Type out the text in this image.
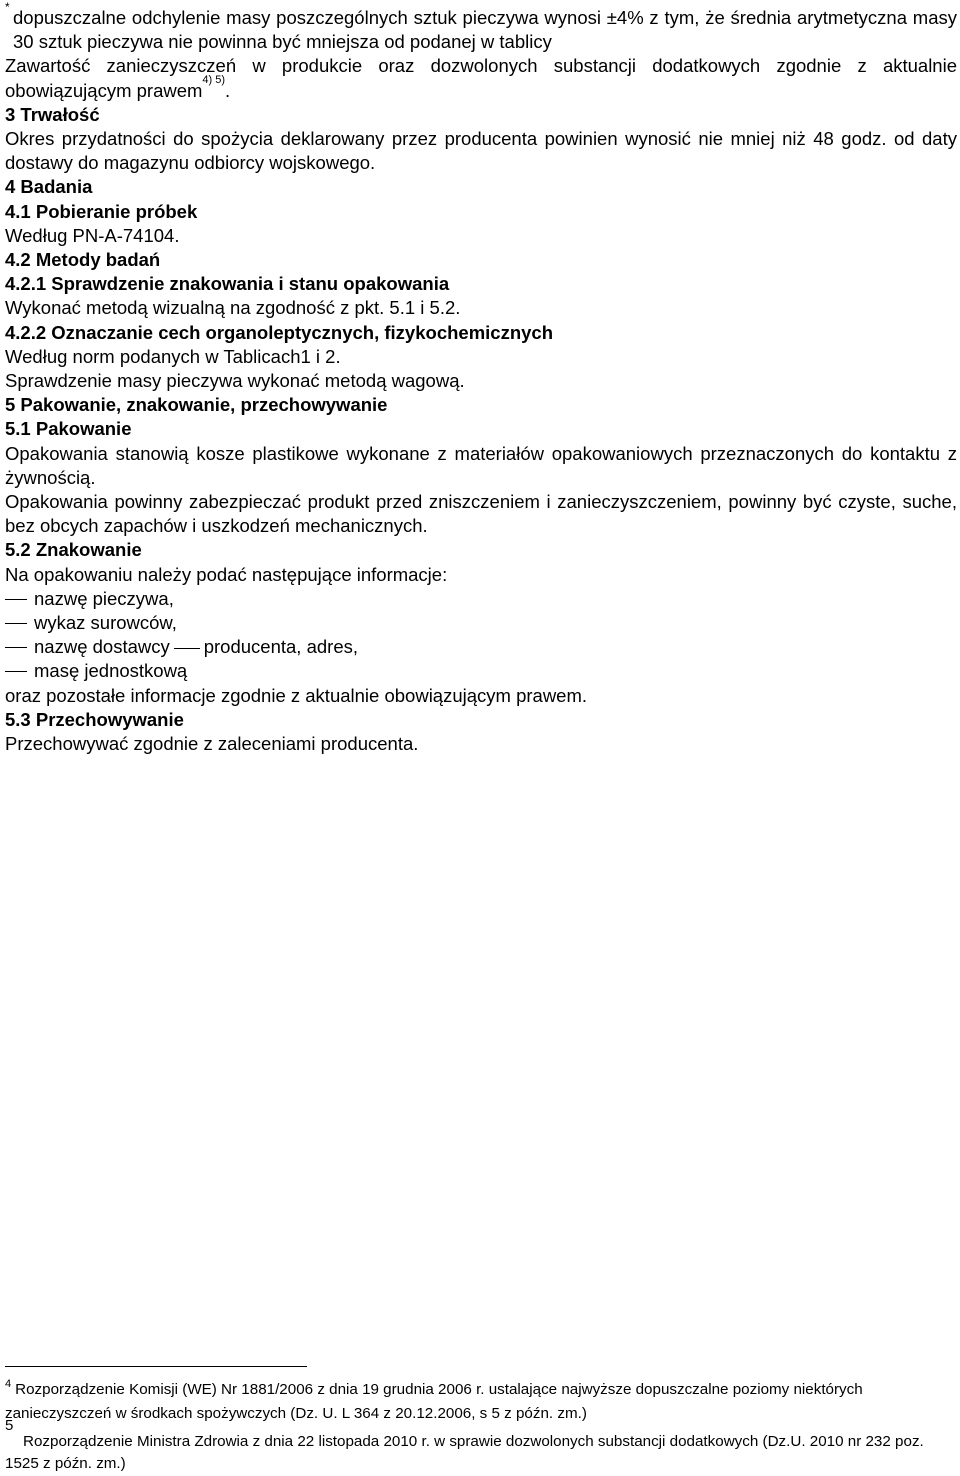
* dopuszczalne odchylenie masy poszczególnych sztuk pieczywa wynosi ±4% z tym, że średnia arytmetyczna masy 30 sztuk pieczywa nie powinna być mniejsza od podanej w tablicy

Zawartość zanieczyszczeń w produkcie oraz dozwolonych substancji dodatkowych zgodnie z aktualnie obowiązującym prawem$^{4) 5)}$.

3 Trwałość

Okres przydatności do spożycia deklarowany przez producenta powinien wynosić nie mniej niż 48 godz. od daty dostawy do magazynu odbiorcy wojskowego.

4 Badania

4.1 Pobieranie próbek

Według PN-A-74104.

4.2 Metody badań

4.2.1 Sprawdzenie znakowania i stanu opakowania

Wykonać metodą wizualną na zgodność z pkt. 5.1 i 5.2.

4.2.2 Oznaczanie cech organoleptycznych, fizykochemicznych

Według norm podanych w Tablicach1 i 2.

Sprawdzenie masy pieczywa wykonać metodą wagową.

5 Pakowanie, znakowanie, przechowywanie

5.1 Pakowanie

Opakowania stanowią kosze plastikowe wykonane z materiałów opakowaniowych przeznaczonych do kontaktu z żywnością.

Opakowania powinny zabezpieczać produkt przed zniszczeniem i zanieczyszczeniem, powinny być czyste, suche, bez obcych zapachów i uszkodzeń mechanicznych.

5.2 Znakowanie

Na opakowaniu należy podać następujące informacje:

nazwę pieczywa,
wykaz surowców,
nazwę dostawcy producenta, adres,
masę jednostkową

oraz pozostałe informacje zgodnie z aktualnie obowiązującym prawem.

5.3 Przechowywanie

Przechowywać zgodnie z zaleceniami producenta.

$^4$ Rozporządzenie Komisji (WE) Nr 1881/2006 z dnia 19 grudnia 2006 r. ustalające najwyższe dopuszczalne poziomy niektórych zanieczyszczeń w środkach spożywczych (Dz. U. L 364 z 20.12.2006, s 5 z późn. zm.)

5
Rozporządzenie Ministra Zdrowia z dnia 22 listopada 2010 r. w sprawie dozwolonych substancji dodatkowych (Dz.U. 2010 nr 232 poz. 1525 z późn. zm.)
